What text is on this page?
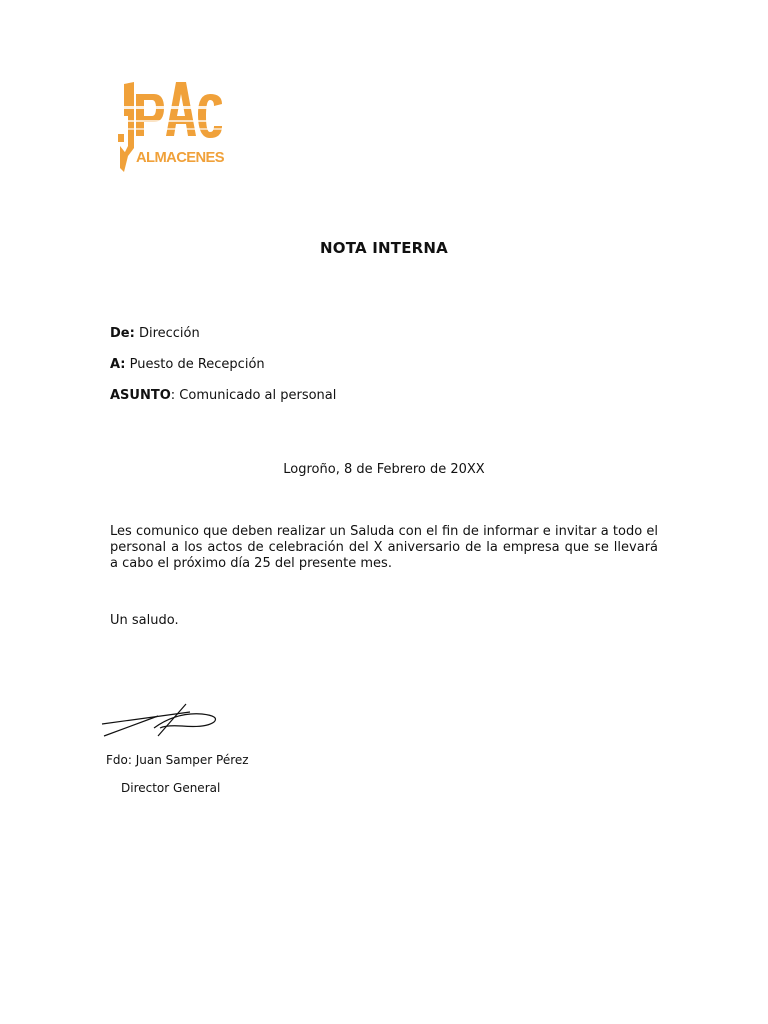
ALMACENES
NOTA INTERNA
De: Dirección
A: Puesto de Recepción
ASUNTO: Comunicado al personal
Logroño, 8 de Febrero de 20XX
Les comunico que deben realizar un Saluda con el fin de informar e invitar a todo el personal a los actos de celebración del X aniversario de la empresa que se llevará a cabo el próximo día 25 del presente mes.
Un saludo.
Fdo: Juan Samper Pérez
Director General
